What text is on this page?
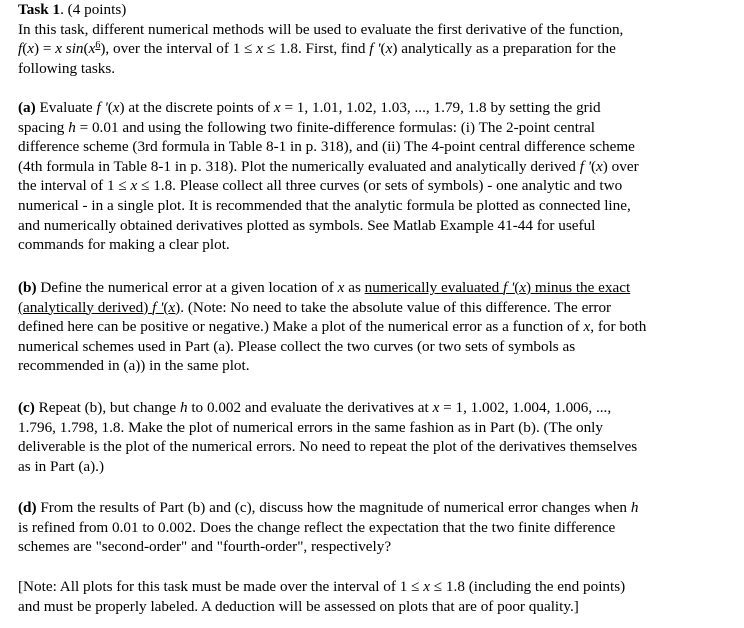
Task 1. (4 points)
In this task, different numerical methods will be used to evaluate the first derivative of the function,
f(x) = x $\sin(x^6)$, over the interval of 1 ≤ x ≤ 1.8. First, find f '(x) analytically as a preparation for the
following tasks.
(a) Evaluate f '(x) at the discrete points of x = 1, 1.01, 1.02, 1.03, ..., 1.79, 1.8 by setting the grid
spacing h = 0.01 and using the following two finite-difference formulas: (i) The 2-point central
difference scheme (3rd formula in Table 8-1 in p. 318), and (ii) The 4-point central difference scheme
(4th formula in Table 8-1 in p. 318). Plot the numerically evaluated and analytically derived f '(x) over
the interval of 1 ≤ x ≤ 1.8. Please collect all three curves (or sets of symbols) - one analytic and two
numerical - in a single plot. It is recommended that the analytic formula be plotted as connected line,
and numerically obtained derivatives plotted as symbols. See Matlab Example 41-44 for useful
commands for making a clear plot.
(b) Define the numerical error at a given location of x as numerically evaluated f '(x) minus the exact
(analytically derived) f '(x). (Note: No need to take the absolute value of this difference. The error
defined here can be positive or negative.) Make a plot of the numerical error as a function of x, for both
numerical schemes used in Part (a). Please collect the two curves (or two sets of symbols as
recommended in (a)) in the same plot.
(c) Repeat (b), but change h to 0.002 and evaluate the derivatives at x = 1, 1.002, 1.004, 1.006, ...,
1.796, 1.798, 1.8. Make the plot of numerical errors in the same fashion as in Part (b). (The only
deliverable is the plot of the numerical errors. No need to repeat the plot of the derivatives themselves
as in Part (a).)
(d) From the results of Part (b) and (c), discuss how the magnitude of numerical error changes when h
is refined from 0.01 to 0.002. Does the change reflect the expectation that the two finite difference
schemes are "second-order" and "fourth-order", respectively?
[Note: All plots for this task must be made over the interval of 1 ≤ x ≤ 1.8 (including the end points)
and must be properly labeled. A deduction will be assessed on plots that are of poor quality.]
